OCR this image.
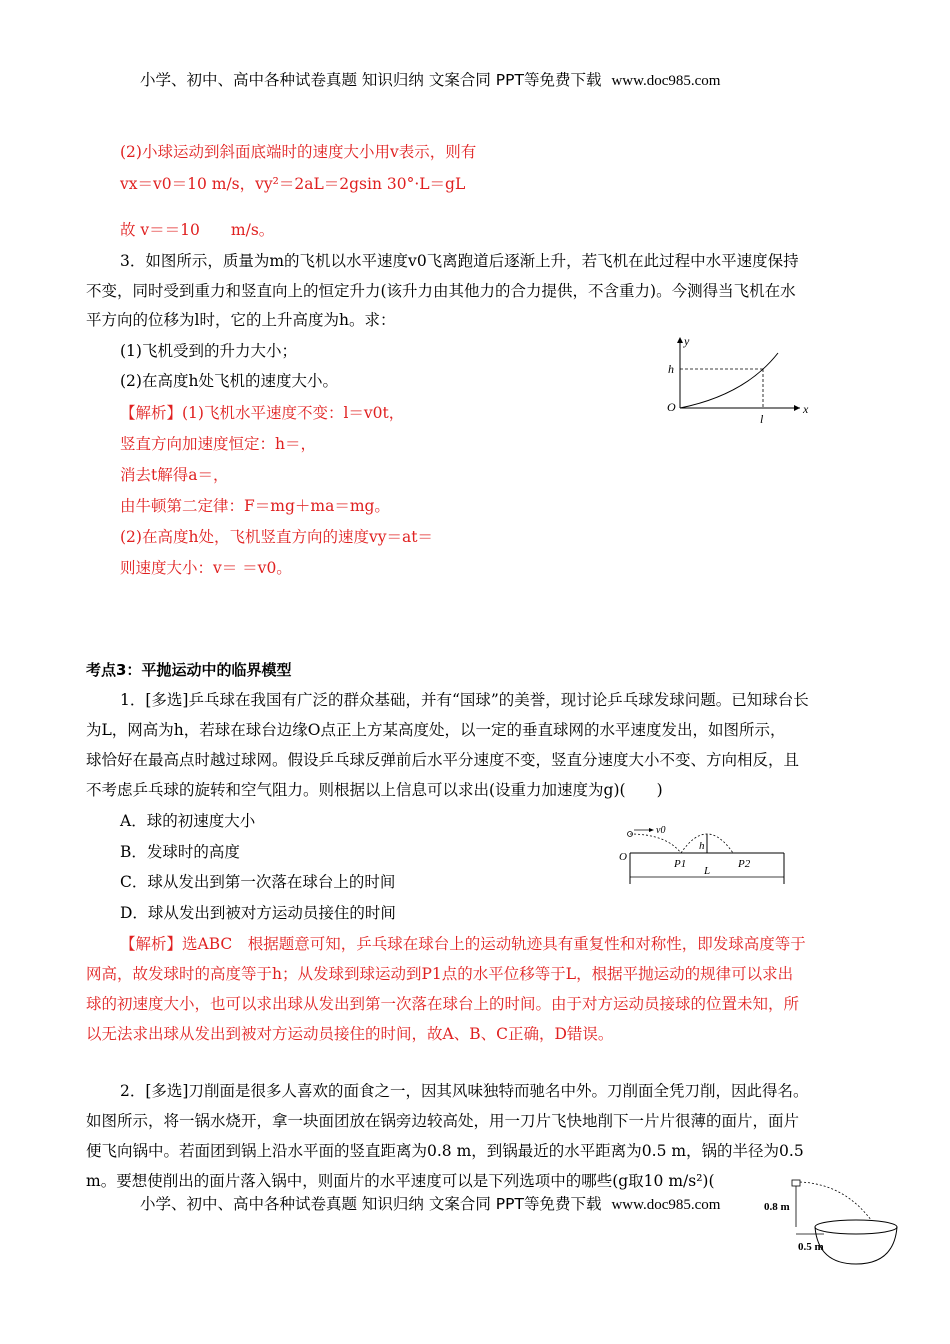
小学、初中、高中各种试卷真题 知识归纳 文案合同 PPT等免费下载 www.doc985.com
(2)小球运动到斜面底端时的速度大小用v表示，则有
vx＝v0＝10 m/s，vy²＝2aL＝2gsin 30°·L＝gL
故 v＝＝10　　m/s。
3．如图所示，质量为m的飞机以水平速度v0飞离跑道后逐渐上升，若飞机在此过程中水平速度保持
不变，同时受到重力和竖直向上的恒定升力(该升力由其他力的合力提供，不含重力)。今测得当飞机在水
平方向的位移为l时，它的上升高度为h。求：
(1)飞机受到的升力大小；
(2)在高度h处飞机的速度大小。
【解析】(1)飞机水平速度不变：l＝v0t，
竖直方向加速度恒定：h＝，
消去t解得a＝，
由牛顿第二定律：F＝mg＋ma＝mg。
(2)在高度h处，飞机竖直方向的速度vy＝at＝
则速度大小：v＝ ＝v0。
y
x
O
h
l
考点3：平抛运动中的临界模型
1．[多选]乒乓球在我国有广泛的群众基础，并有“国球”的美誉，现讨论乒乓球发球问题。已知球台长
为L，网高为h，若球在球台边缘O点正上方某高度处，以一定的垂直球网的水平速度发出，如图所示，
球恰好在最高点时越过球网。假设乒乓球反弹前后水平分速度不变，竖直分速度大小不变、方向相反，且
不考虑乒乓球的旋转和空气阻力。则根据以上信息可以求出(设重力加速度为g)(　　)
A．球的初速度大小
B．发球时的高度
C．球从发出到第一次落在球台上的时间
D．球从发出到被对方运动员接住的时间
【解析】选ABC　根据题意可知，乒乓球在球台上的运动轨迹具有重复性和对称性，即发球高度等于
网高，故发球时的高度等于h；从发球到球运动到P1点的水平位移等于L，根据平抛运动的规律可以求出
球的初速度大小，也可以求出球从发出到第一次落在球台上的时间。由于对方运动员接球的位置未知，所
以无法求出球从发出到被对方运动员接住的时间，故A、B、C正确，D错误。
v0
h
O
P1	P2
L
2．[多选]刀削面是很多人喜欢的面食之一，因其风味独特而驰名中外。刀削面全凭刀削，因此得名。
如图所示，将一锅水烧开，拿一块面团放在锅旁边较高处，用一刀片飞快地削下一片片很薄的面片，面片
便飞向锅中。若面团到锅上沿水平面的竖直距离为0.8 m，到锅最近的水平距离为0.5 m，锅的半径为0.5
m。要想使削出的面片落入锅中，则面片的水平速度可以是下列选项中的哪些(g取10 m/s²)(
小学、初中、高中各种试卷真题 知识归纳 文案合同 PPT等免费下载 www.doc985.com	0.8 m
0.5 m
